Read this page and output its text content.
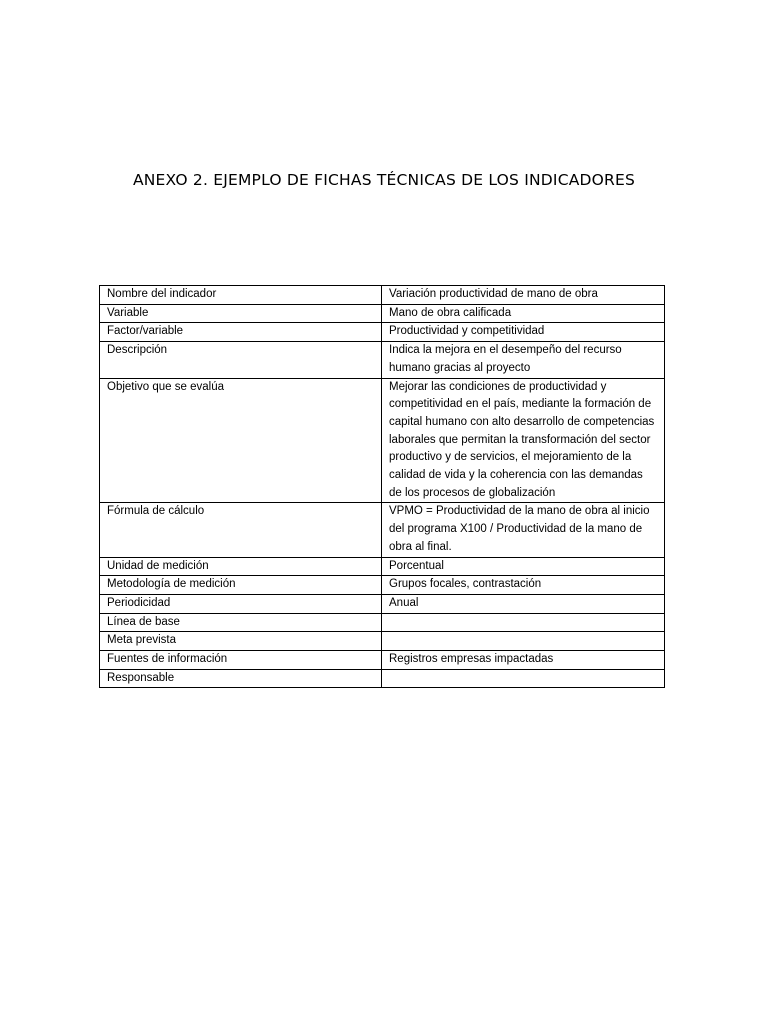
ANEXO 2. EJEMPLO DE FICHAS TÉCNICAS DE LOS INDICADORES
Nombre del indicador	Variación productividad de mano de obra
Variable	Mano de obra calificada
Factor/variable	Productividad y competitividad
Descripción	Indica la mejora en el desempeño del recurso humano gracias al proyecto
Objetivo que se evalúa	Mejorar las condiciones de productividad y competitividad en el país, mediante la formación de capital humano con alto desarrollo de competencias laborales que permitan la transformación del sector productivo y de servicios, el mejoramiento de la calidad de vida y la coherencia con las demandas de los procesos de globalización
Fórmula de cálculo	VPMO = Productividad de la mano de obra al inicio del programa X100 / Productividad de la mano de obra al final.
Unidad de medición	Porcentual
Metodología de medición	Grupos focales, contrastación
Periodicidad	Anual
Línea de base	
Meta prevista	
Fuentes de información	Registros empresas impactadas
Responsable	
